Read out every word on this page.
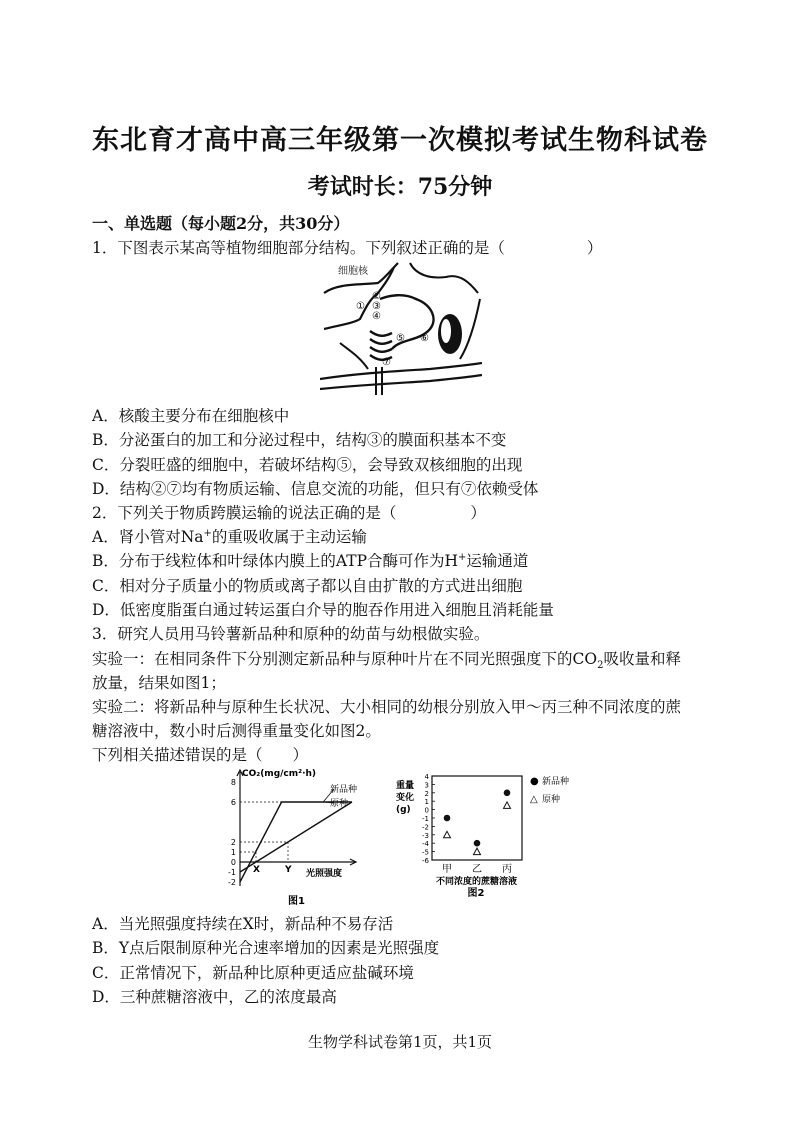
东北育才高中高三年级第一次模拟考试生物科试卷
考试时长：75分钟
一、单选题（每小题2分，共30分）
1．下图表示某高等植物细胞部分结构。下列叙述正确的是（	）
细胞核
①
②
③
④
⑤ ⑥
⑦
A．核酸主要分布在细胞核中
B．分泌蛋白的加工和分泌过程中，结构③的膜面积基本不变
C．分裂旺盛的细胞中，若破坏结构⑤，会导致双核细胞的出现
D．结构②⑦均有物质运输、信息交流的功能，但只有⑦依赖受体
2．下列关于物质跨膜运输的说法正确的是（	）
A．肾小管对Na+的重吸收属于主动运输
B．分布于线粒体和叶绿体内膜上的ATP合酶可作为H+运输通道
C．相对分子质量小的物质或离子都以自由扩散的方式进出细胞
D．低密度脂蛋白通过转运蛋白介导的胞吞作用进入细胞且消耗能量
3．研究人员用马铃薯新品种和原种的幼苗与幼根做实验。
实验一：在相同条件下分别测定新品种与原种叶片在不同光照强度下的$CO_2$吸收量和释
放量，结果如图1；
实验二：将新品种与原种生长状况、大小相同的幼根分别放入甲～丙三种不同浓度的蔗
糖溶液中，数小时后测得重量变化如图2。
下列相关描述错误的是（ ）
CO₂(mg/cm²·h)
光照强度
8
6
2
1
0
-1
-2
X	Y
新品种
原种
图1
重量
变化
(g)
4
3
2
1
0
-1
-2
-3
-4
-5
-6
甲 乙 丙
● 新品种
△ 原种
不同浓度的蔗糖溶液
图2
A．当光照强度持续在X时，新品种不易存活
B．Y点后限制原种光合速率增加的因素是光照强度
C．正常情况下，新品种比原种更适应盐碱环境
D．三种蔗糖溶液中，乙的浓度最高
生物学科试卷第1页，共1页
